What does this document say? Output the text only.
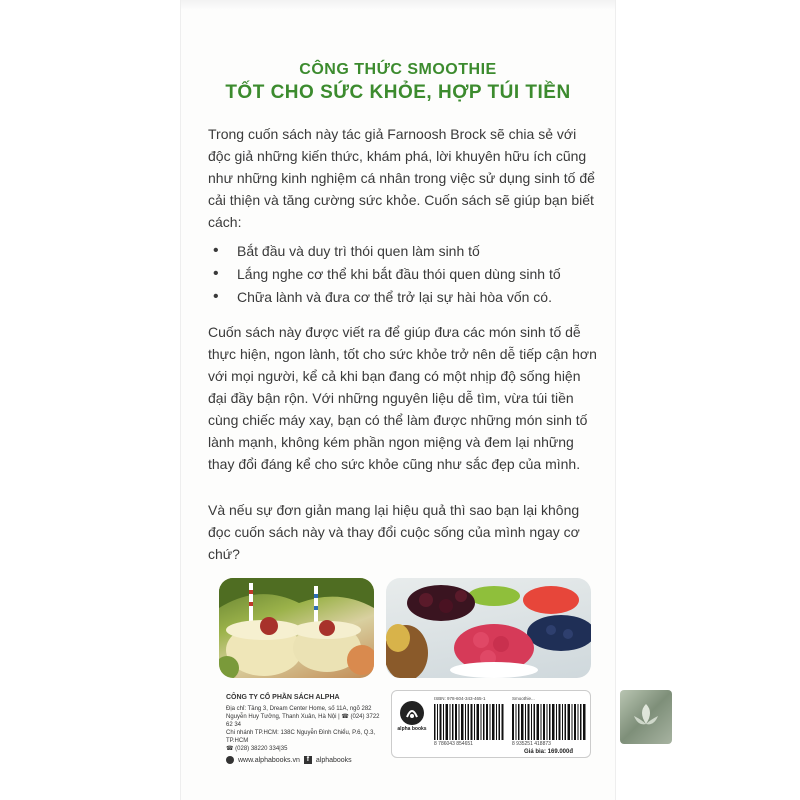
CÔNG THỨC SMOOTHIE
TỐT CHO SỨC KHỎE, HỢP TÚI TIỀN

Trong cuốn sách này tác giả Farnoosh Brock sẽ chia sẻ với độc giả những kiến thức, khám phá, lời khuyên hữu ích cũng như những kinh nghiệm cá nhân trong việc sử dụng sinh tố để cải thiện và tăng cường sức khỏe. Cuốn sách sẽ giúp bạn biết cách:

• Bắt đầu và duy trì thói quen làm sinh tố
• Lắng nghe cơ thể khi bắt đầu thói quen dùng sinh tố
• Chữa lành và đưa cơ thể trở lại sự hài hòa vốn có.

Cuốn sách này được viết ra để giúp đưa các món sinh tố dễ thực hiện, ngon lành, tốt cho sức khỏe trở nên dễ tiếp cận hơn với mọi người, kể cả khi bạn đang có một nhịp độ sống hiện đại đầy bận rộn. Với những nguyên liệu dễ tìm, vừa túi tiền cùng chiếc máy xay, bạn có thể làm được những món sinh tố lành mạnh, không kém phần ngon miệng và đem lại những thay đổi đáng kể cho sức khỏe cũng như sắc đẹp của mình.

Và nếu sự đơn giản mang lại hiệu quả thì sao bạn lại không đọc cuốn sách này và thay đổi cuộc sống của mình ngay cơ chứ?

CÔNG TY CỔ PHẦN SÁCH ALPHA
Địa chỉ: Tầng 3, Dream Center Home, số 11A, ngõ 282
Nguyễn Huy Tưởng, Thanh Xuân, Hà Nội | ☎ (024) 3722 62 34
Chi nhánh TP.HCM: 138C Nguyễn Đình Chiểu, P.6, Q.3, TP.HCM
☎ (028) 38220 334|35
www.alphabooks.vn f alphabooks
alpha books
ISBN: 978-604-343-465-1	Smoothie...
8 786043 854651	8 935251 418873
Giá bìa: 169.000đ
